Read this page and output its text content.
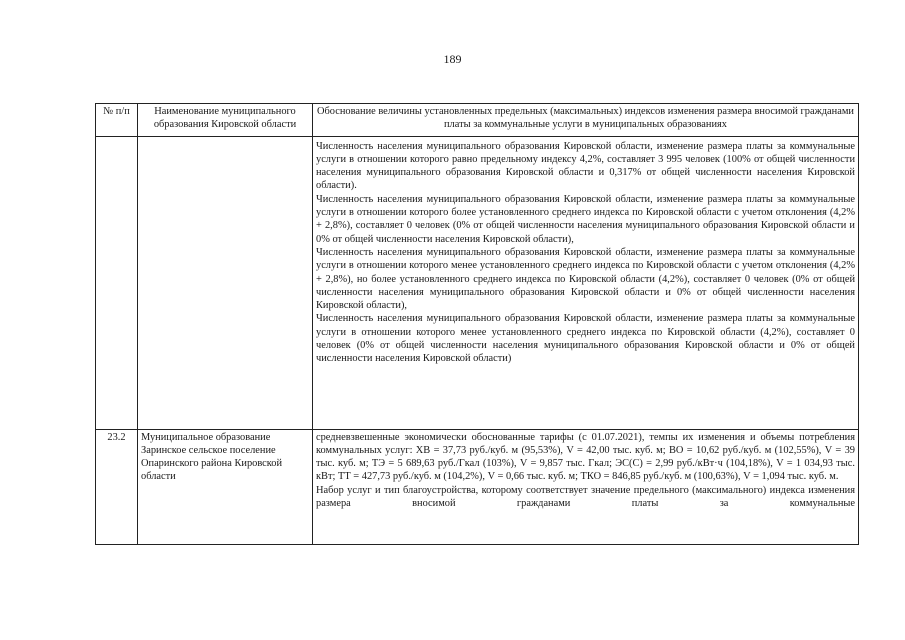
189
№ п/п	Наименование муниципального образования Кировской области	Обоснование величины установленных предельных (максимальных) индексов изменения размера вносимой гражданами платы за коммунальные услуги в муниципальных образованиях

		Численность населения муниципального образования Кировской области, изменение размера платы за коммунальные услуги в отношении которого равно предельному индексу 4,2%, составляет 3 995 человек (100% от общей численности населения муниципального образования Кировской области и 0,317% от общей численности населения Кировской области).
Численность населения муниципального образования Кировской области, изменение размера платы за коммунальные услуги в отношении которого более установленного среднего индекса по Кировской области с учетом отклонения (4,2% + 2,8%), составляет 0 человек (0% от общей численности населения муниципального образования Кировской области и 0% от общей численности населения Кировской области),
Численность населения муниципального образования Кировской области, изменение размера платы за коммунальные услуги в отношении которого менее установленного среднего индекса по Кировской области с учетом отклонения (4,2% + 2,8%), но более установленного среднего индекса по Кировской области (4,2%), составляет 0 человек (0% от общей численности населения муниципального образования Кировской области и 0% от общей численности населения Кировской области),
Численность населения муниципального образования Кировской области, изменение размера платы за коммунальные услуги в отношении которого менее установленного среднего индекса по Кировской области (4,2%), составляет 0 человек (0% от общей численности населения муниципального образования Кировской области и 0% от общей численности населения Кировской области)

23.2	Муниципальное образование Заринское сельское поселение Опаринского района Кировской области	средневзвешенные экономически обоснованные тарифы (с 01.07.2021), темпы их изменения и объемы потребления коммунальных услуг: ХВ = 37,73 руб./куб. м (95,53%), V = 42,00 тыс. куб. м; ВО = 10,62 руб./куб. м (102,55%), V = 39 тыс. куб. м; ТЭ = 5 689,63 руб./Гкал (103%), V = 9,857 тыс. Гкал; ЭС(С) = 2,99 руб./кВт·ч (104,18%), V = 1 034,93 тыс. кВт; ТТ = 427,73 руб./куб. м (104,2%), V = 0,66 тыс. куб. м; ТКО = 846,85 руб./куб. м (100,63%), V = 1,094 тыс. куб. м.
Набор услуг и тип благоустройства, которому соответствует значение предельного (максимального) индекса изменения размера вносимой гражданами платы за коммунальные
